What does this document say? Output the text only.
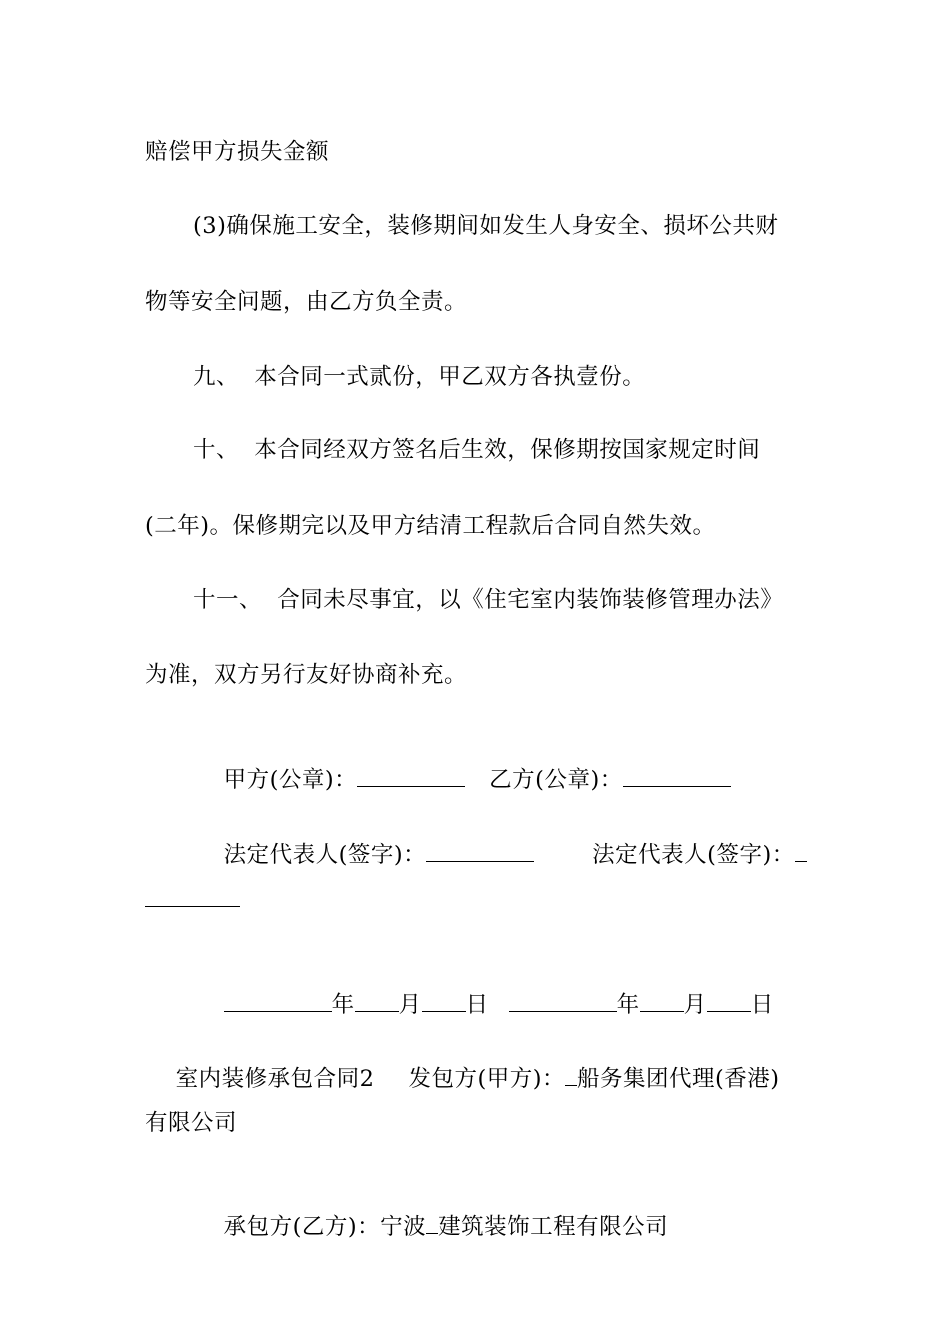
赔偿甲方损失金额
(3)确保施工安全，装修期间如发生人身安全、损坏公共财
物等安全问题，由乙方负全责。
九、  本合同一式贰份，甲乙双方各执壹份。
十、  本合同经双方签名后生效，保修期按国家规定时间
(二年)。保修期完以及甲方结清工程款后合同自然失效。
十一、  合同未尽事宜，以《住宅室内装饰装修管理办法》
为准，双方另行友好协商补充。

甲方(公章)：	乙方(公章)：

法定代表人(签字)：	法定代表人(签字)：

年 月 日	年 月 日

室内装修承包合同2 发包方(甲方)： 船务集团代理(香港)

有限公司

承包方(乙方)：宁波 建筑装饰工程有限公司
